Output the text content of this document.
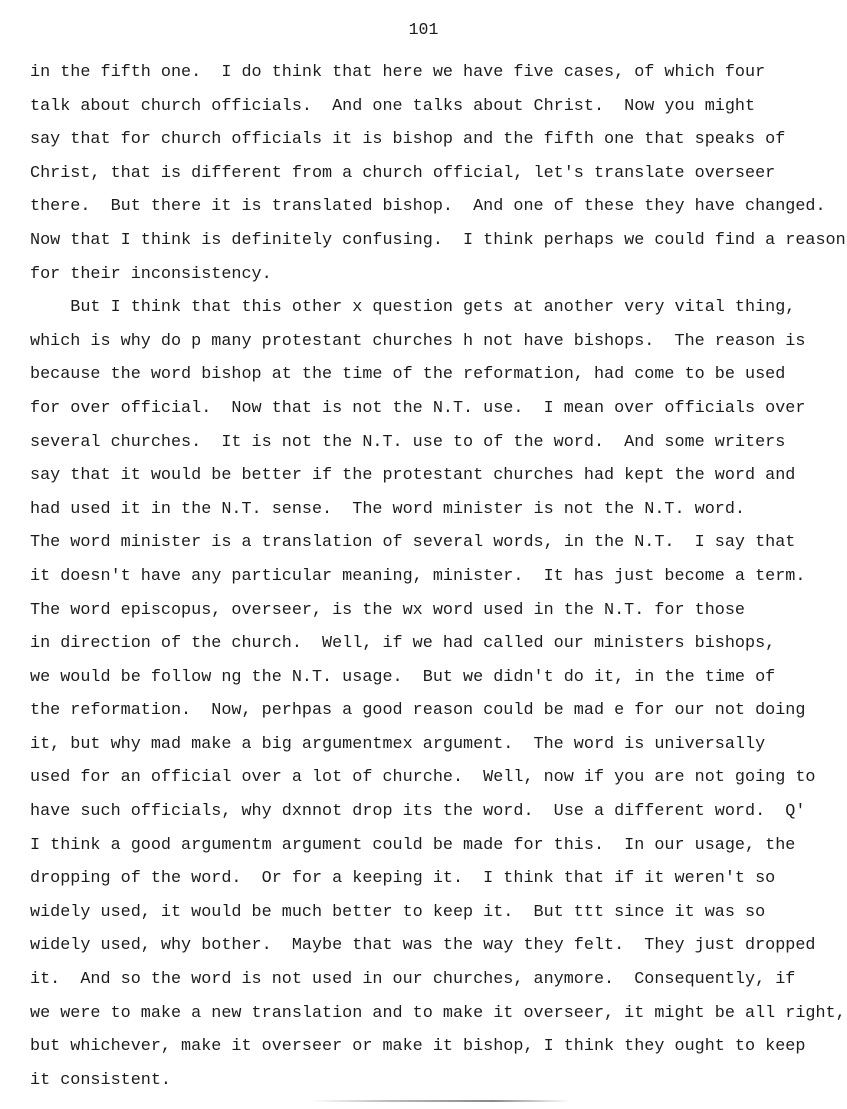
101
in the fifth one.  I do think that here we have five cases, of which four
talk about church officials.  And one talks about Christ.  Now you might
say that for church officials it is bishop and the fifth one that speaks of
Christ, that is different from a church official, let's translate overseer
there.  But there it is translated bishop.  And one of these they have changed.
Now that I think is definitely confusing.  I think perhaps we could find a reason
for their inconsistency.
But I think that this other x question gets at another very vital thing,
which is why do p many protestant churches h not have bishops.  The reason is
because the word bishop at the time of the reformation, had come to be used
for over official.  Now that is not the N.T. use.  I mean over officials over
several churches.  It is not the N.T. use to of the word.  And some writers
say that it would be better if the protestant churches had kept the word and
had used it in the N.T. sense.  The word minister is not the N.T. word.
The word minister is a translation of several words, in the N.T.  I say that
it doesn't have any particular meaning, minister.  It has just become a term.
The word episcopus, overseer, is the wx word used in the N.T. for those
in direction of the church.  Well, if we had called our ministers bishops,
we would be follow ng the N.T. usage.  But we didn't do it, in the time of
the reformation.  Now, perhpas a good reason could be mad e for our not doing
it, but why mad make a big argumentmex argument.  The word is universally
used for an official over a lot of churche.  Well, now if you are not going to
have such officials, why dxnnot drop its the word.  Use a different word.  Q'
I think a good argumentm argument could be made for this.  In our usage, the
dropping of the word.  Or for a keeping it.  I think that if it weren't so
widely used, it would be much better to keep it.  But ttt since it was so
widely used, why bother.  Maybe that was the way they felt.  They just dropped
it.  And so the word is not used in our churches, anymore.  Consequently, if
we were to make a new translation and to make it overseer, it might be all right,
but whichever, make it overseer or make it bishop, I think they ought to keep
it consistent.
